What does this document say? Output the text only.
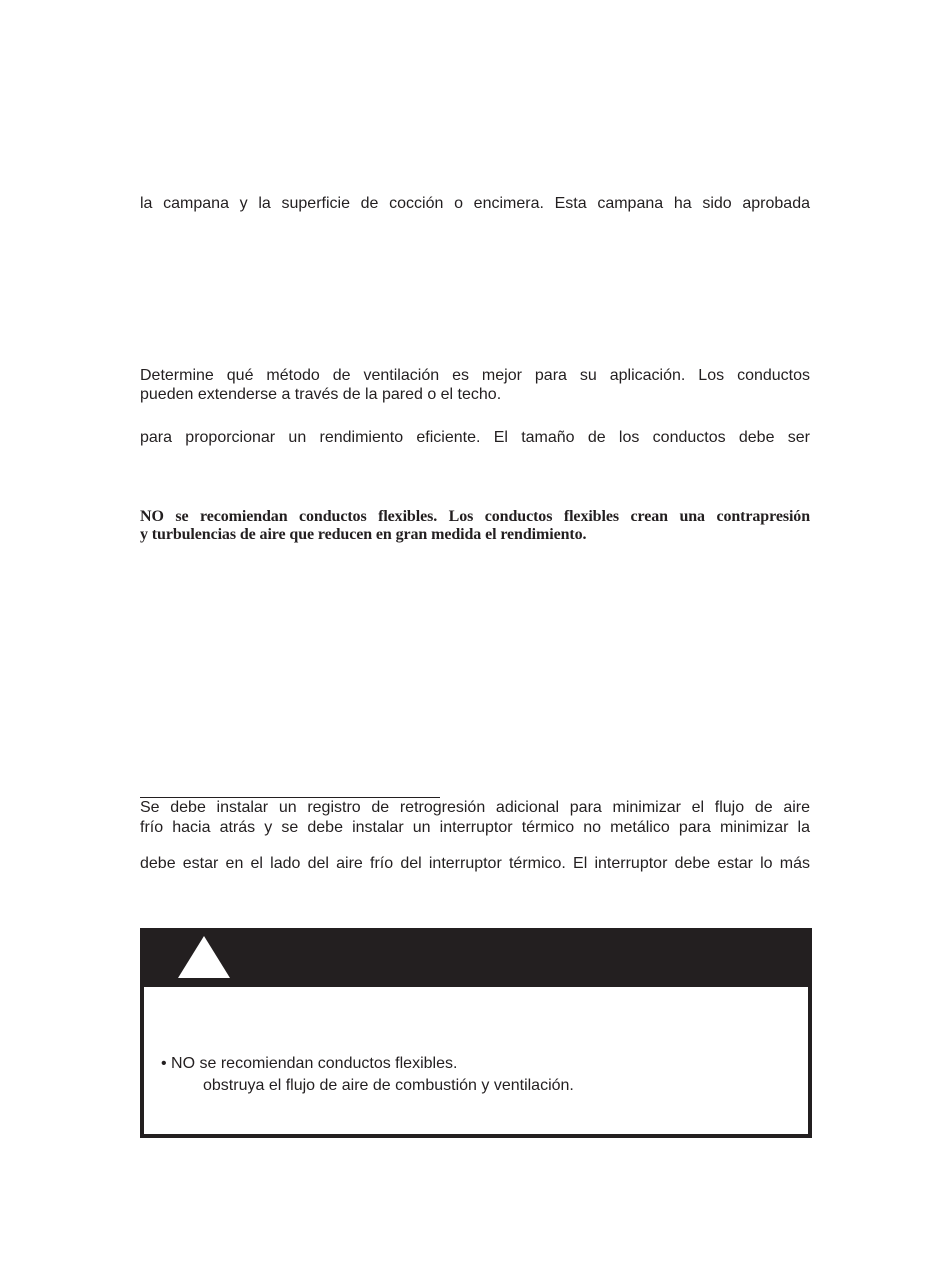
la campana y la superficie de cocción o encimera. Esta campana ha sido aprobada
Determine qué método de ventilación es mejor para su aplicación. Los conductos
pueden extenderse a través de la pared o el techo.
para proporcionar un rendimiento eficiente. El tamaño de los conductos debe ser
NO se recomiendan conductos flexibles. Los conductos flexibles crean una contrapresión
y turbulencias de aire que reducen en gran medida el rendimiento.
Se debe instalar un registro de retrogresión adicional para minimizar el flujo de aire
frío hacia atrás y se debe instalar un interruptor térmico no metálico para minimizar la
debe estar en el lado del aire frío del interruptor térmico. El interruptor debe estar lo más
• NO se recomiendan conductos flexibles.
obstruya el flujo de aire de combustión y ventilación.
